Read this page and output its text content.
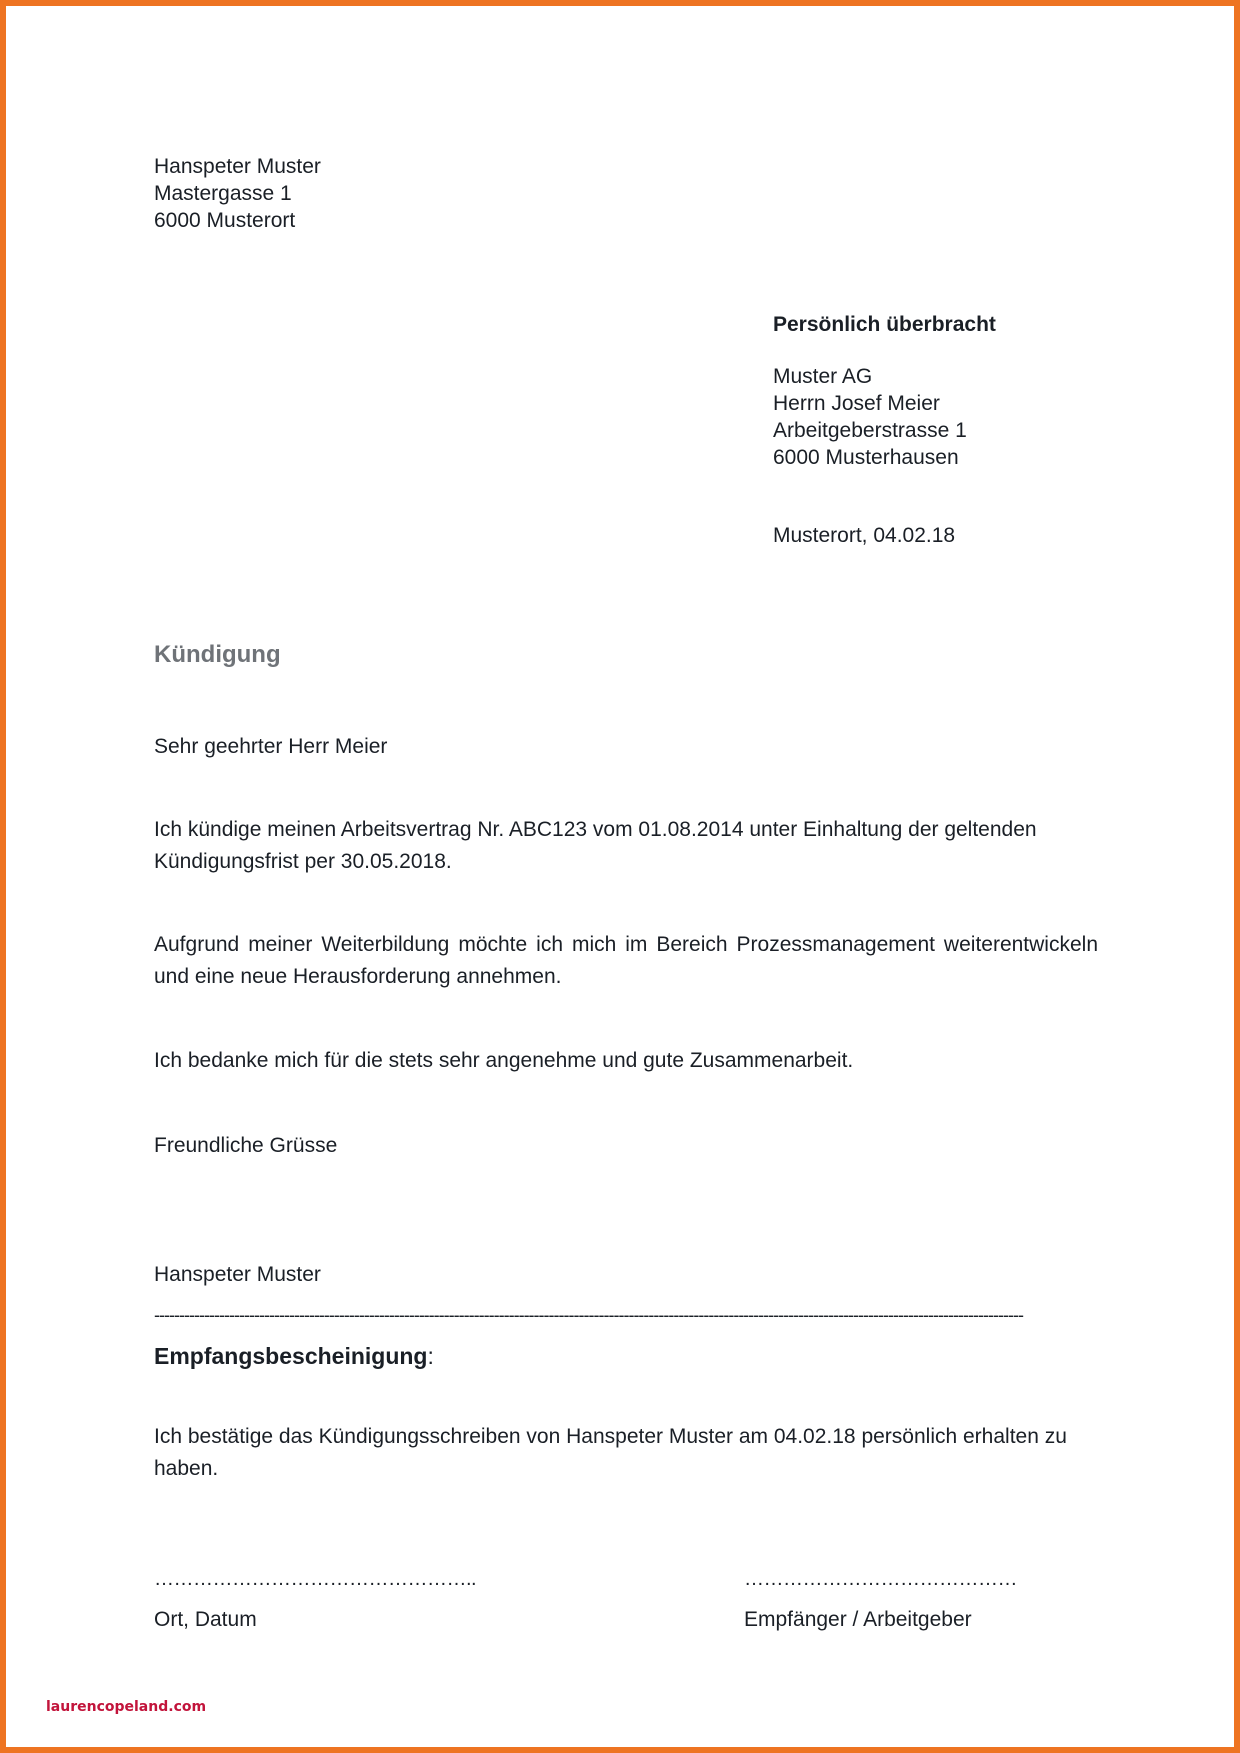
Hanspeter Muster
Mastergasse 1
6000 Musterort
Persönlich überbracht
Muster AG
Herrn Josef Meier
Arbeitgeberstrasse 1
6000 Musterhausen
Musterort, 04.02.18
Kündigung
Sehr geehrter Herr Meier
Ich kündige meinen Arbeitsvertrag Nr. ABC123 vom 01.08.2014 unter Einhaltung der geltenden Kündigungsfrist per 30.05.2018.
Aufgrund meiner Weiterbildung möchte ich mich im Bereich Prozessmanagement weiterentwickeln und eine neue Herausforderung annehmen.
Ich bedanke mich für die stets sehr angenehme und gute Zusammenarbeit.
Freundliche Grüsse
Hanspeter Muster
------------------------------------------------------------------------------------------------------------------------------------------------------------------------------
Empfangsbescheinigung:
Ich bestätige das Kündigungsschreiben von Hanspeter Muster am 04.02.18 persönlich erhalten zu haben.
…………………………………………..	……………………………………
Ort, Datum	Empfänger / Arbeitgeber
laurencopeland.com
